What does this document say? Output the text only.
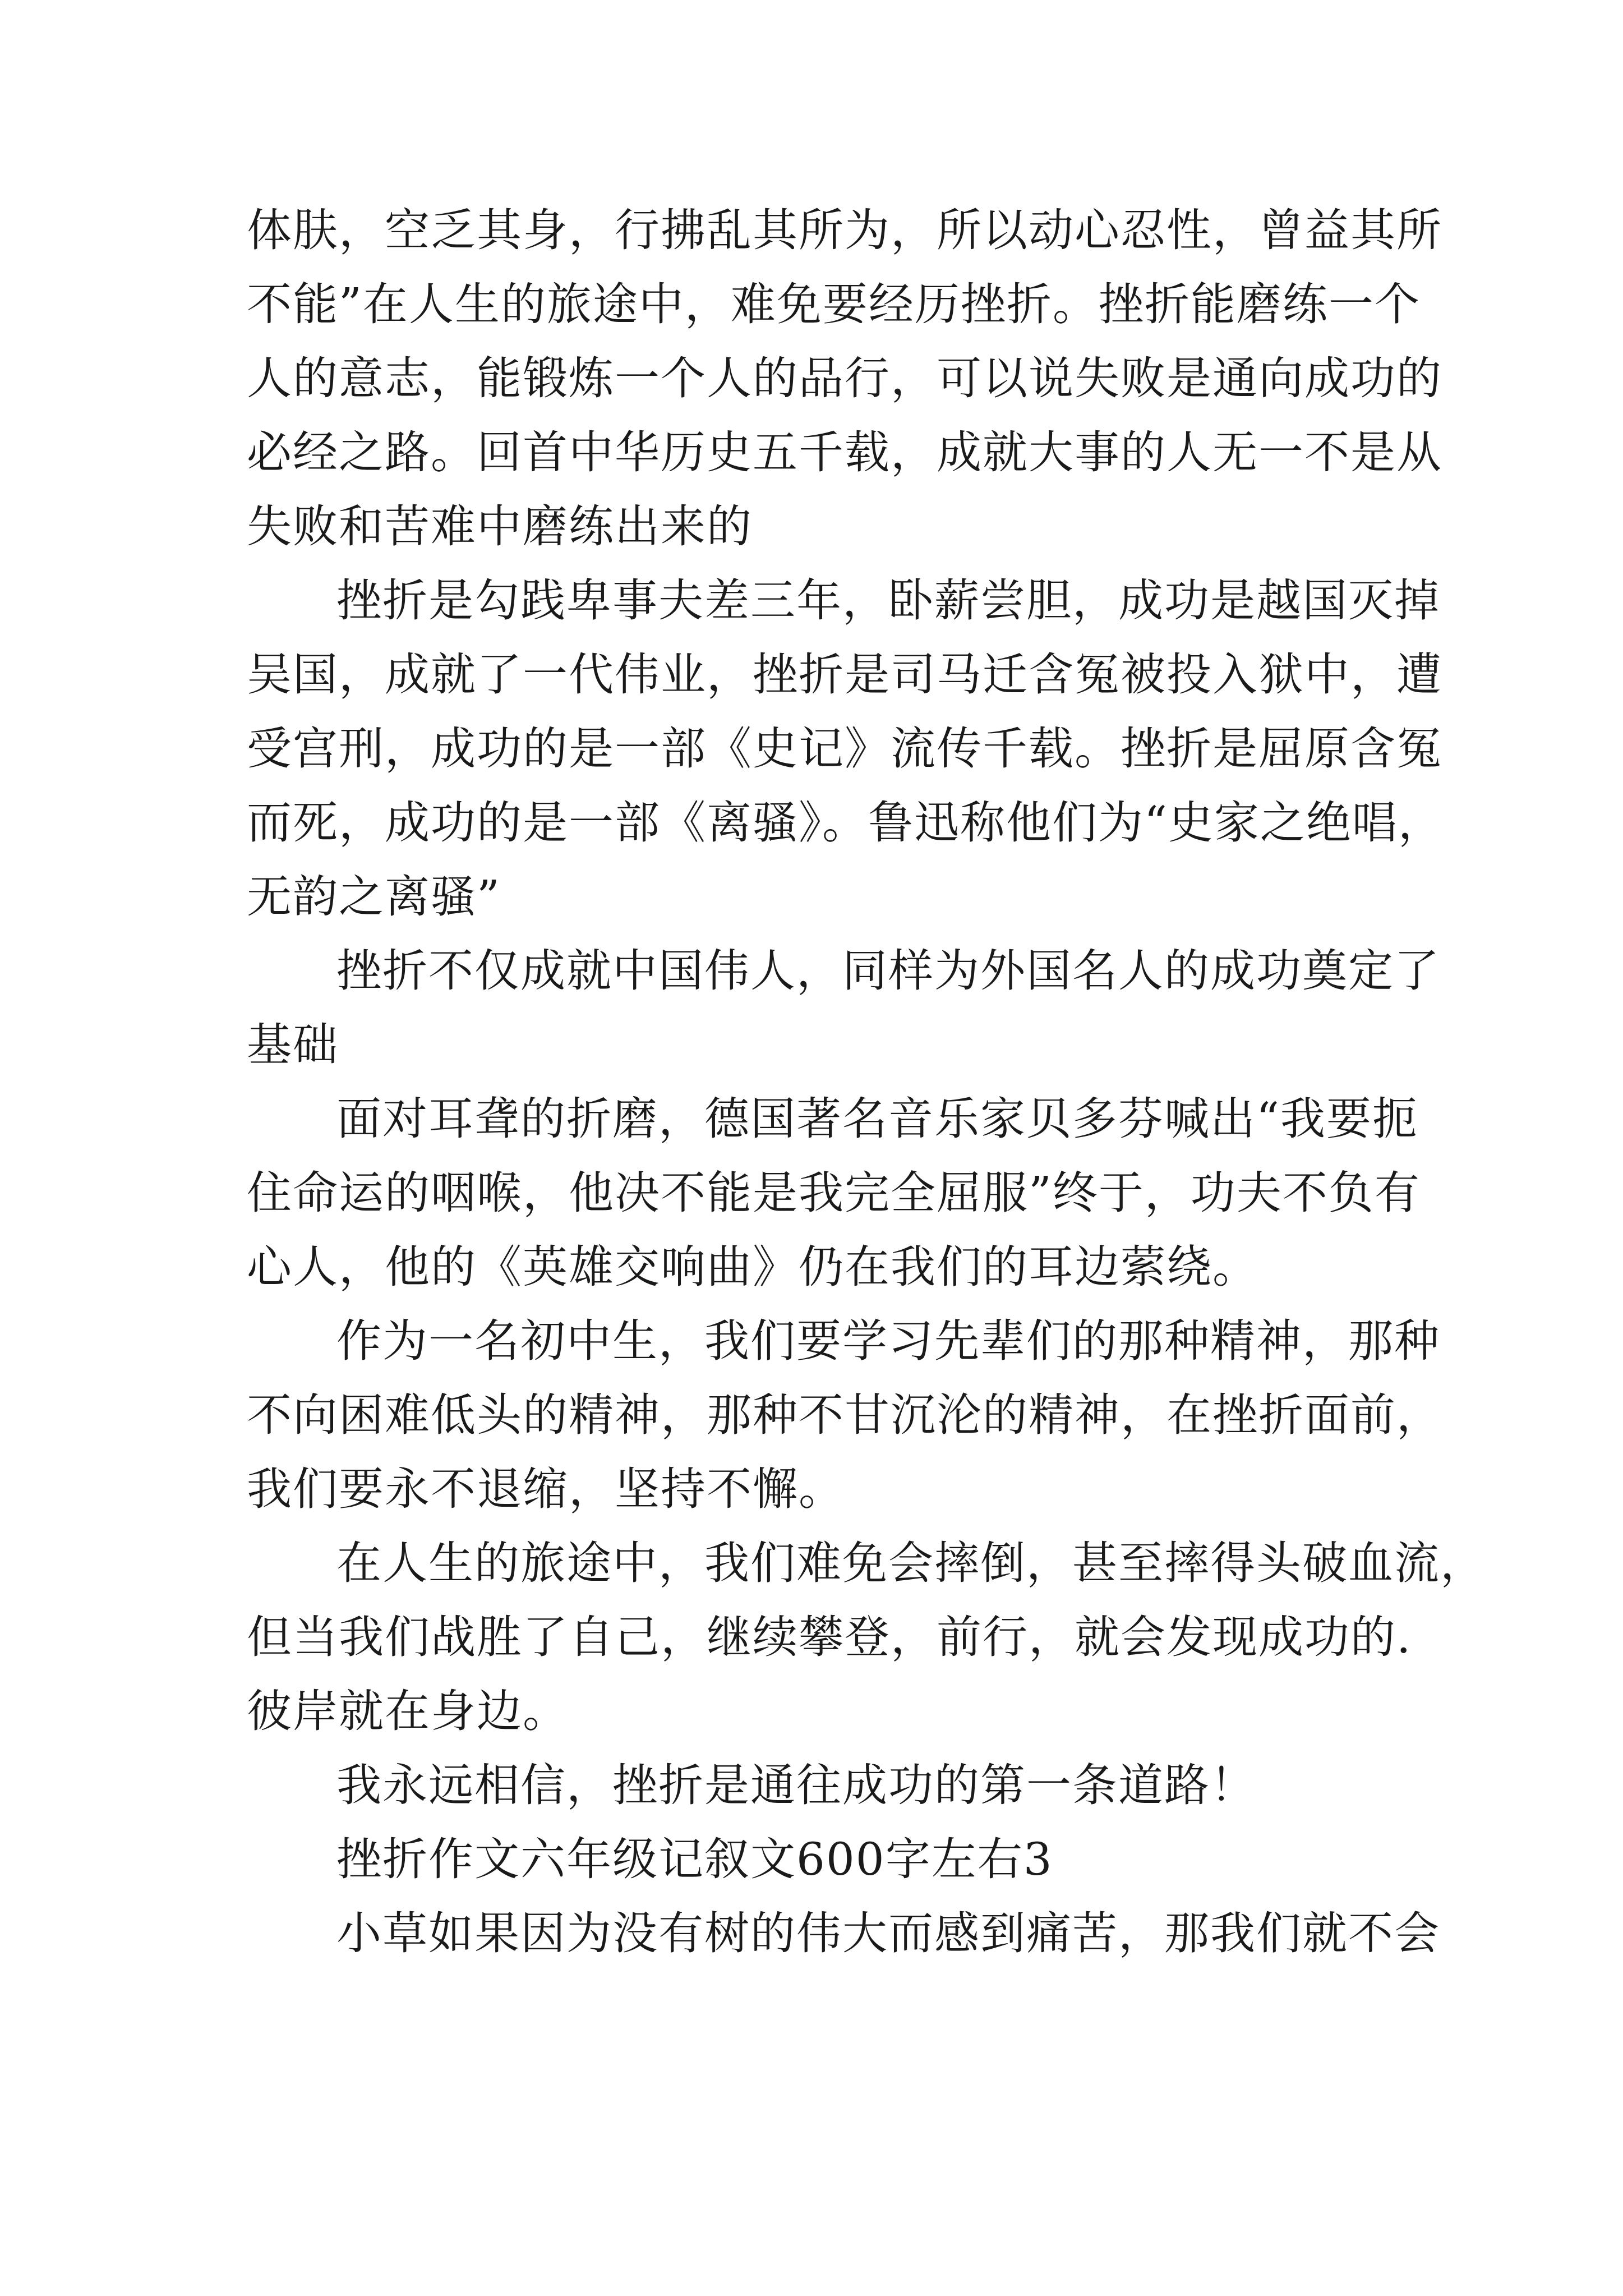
体肤，空乏其身，行拂乱其所为，所以动心忍性，曾益其所
不能”在人生的旅途中，难免要经历挫折。挫折能磨练一个
人的意志，能锻炼一个人的品行，可以说失败是通向成功的
必经之路。回首中华历史五千载，成就大事的人无一不是从
失败和苦难中磨练出来的

挫折是勾践卑事夫差三年，卧薪尝胆，成功是越国灭掉
吴国，成就了一代伟业，挫折是司马迁含冤被投入狱中，遭
受宫刑，成功的是一部《史记》流传千载。挫折是屈原含冤
而死，成功的是一部《离骚》。鲁迅称他们为“史家之绝唱，
无韵之离骚”

挫折不仅成就中国伟人，同样为外国名人的成功奠定了
基础

面对耳聋的折磨，德国著名音乐家贝多芬喊出“我要扼
住命运的咽喉，他决不能是我完全屈服”终于，功夫不负有
心人，他的《英雄交响曲》仍在我们的耳边萦绕。

作为一名初中生，我们要学习先辈们的那种精神，那种
不向困难低头的精神，那种不甘沉沦的精神，在挫折面前，
我们要永不退缩，坚持不懈。

在人生的旅途中，我们难免会摔倒，甚至摔得头破血流，
但当我们战胜了自己，继续攀登，前行，就会发现成功的.
彼岸就在身边。

我永远相信，挫折是通往成功的第一条道路！

挫折作文六年级记叙文600字左右3

小草如果因为没有树的伟大而感到痛苦，那我们就不会
